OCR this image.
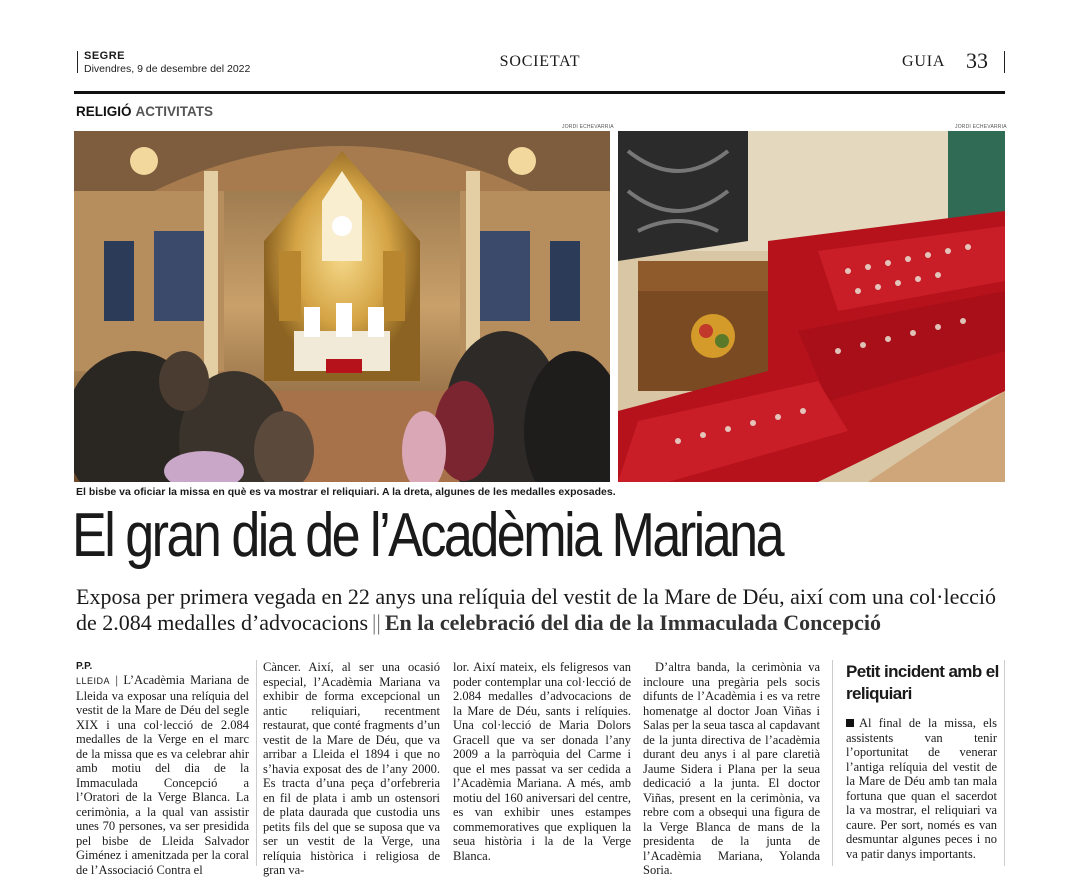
SEGRE
Divendres, 9 de desembre del 2022	SOCIETAT	GUIA 33
RELIGIÓ ACTIVITATS
JORDI ECHEVARRIA	JORDI ECHEVARRIA
El bisbe va oficiar la missa en què es va mostrar el reliquiari. A la dreta, algunes de les medalles exposades.
El gran dia de l’Acadèmia Mariana
Exposa per primera vegada en 22 anys una relíquia del vestit de la Mare de Déu, així com una col·lecció de 2.084 medalles d’advocacions || En la celebració del dia de la Immaculada Concepció
P.P.
LLEIDA | L’Acadèmia Mariana de Lleida va exposar una relíquia del vestit de la Mare de Déu del segle XIX i una col·lecció de 2.084 medalles de la Verge en el marc de la missa que es va celebrar ahir amb motiu del dia de la Immaculada Concepció a l’Oratori de la Verge Blanca. La cerimònia, a la qual van assistir unes 70 persones, va ser presidida pel bisbe de Lleida Salvador Giménez i amenitzada per la coral de l’Associació Contra el
Càncer. Així, al ser una ocasió especial, l’Acadèmia Mariana va exhibir de forma excepcional un antic reliquiari, recentment restaurat, que conté fragments d’un vestit de la Mare de Déu, que va arribar a Lleida el 1894 i que no s’havia exposat des de l’any 2000. Es tracta d’una peça d’orfebreria en fil de plata i amb un ostensori de plata daurada que custodia uns petits fils del que se suposa que va ser un vestit de la Verge, una relíquia històrica i religiosa de gran va-
lor. Així mateix, els feligresos van poder contemplar una col·lecció de 2.084 medalles d’advocacions de la Mare de Déu, sants i relíquies. Una col·lecció de Maria Dolors Gracell que va ser donada l’any 2009 a la parròquia del Carme i que el mes passat va ser cedida a l’Acadèmia Mariana. A més, amb motiu del 160 aniversari del centre, es van exhibir unes estampes commemoratives que expliquen la seua història i la de la Verge Blanca.
D’altra banda, la cerimònia va incloure una pregària pels socis difunts de l’Acadèmia i es va retre homenatge al doctor Joan Viñas i Salas per la seua tasca al capdavant de la junta directiva de l’acadèmia durant deu anys i al pare claretià Jaume Sidera i Plana per la seua dedicació a la junta. El doctor Viñas, present en la cerimònia, va rebre com a obsequi una figura de la Verge Blanca de mans de la presidenta de la junta de l’Acadèmia Mariana, Yolanda Soria.
Petit incident amb el reliquiari
Al final de la missa, els assistents van tenir l’oportunitat de venerar l’antiga relíquia del vestit de la Mare de Déu amb tan mala fortuna que quan el sacerdot la va mostrar, el reliquiari va caure. Per sort, només es van desmuntar algunes peces i no va patir danys importants.
